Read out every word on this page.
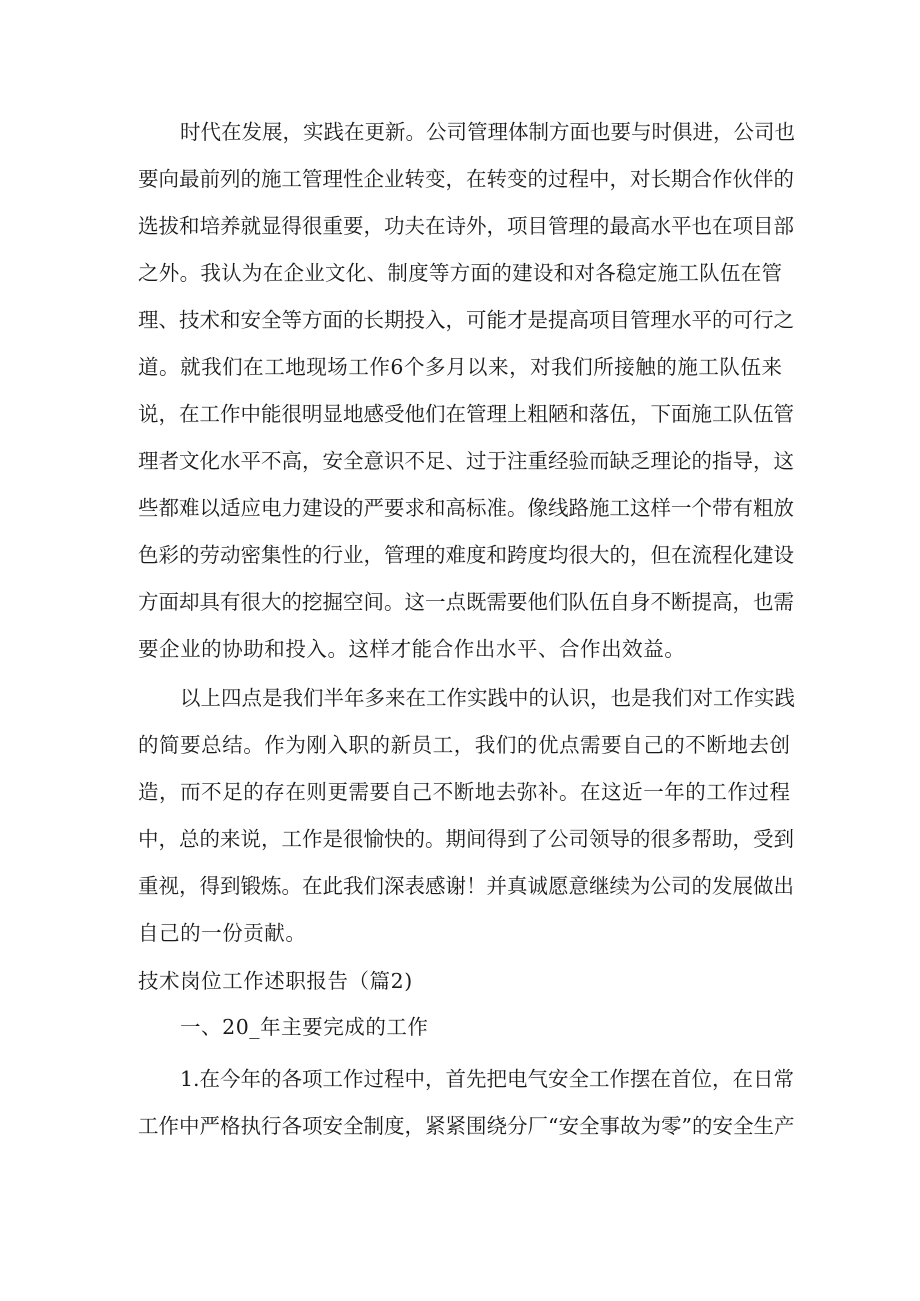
时代在发展，实践在更新。公司管理体制方面也要与时俱进，公司也
要向最前列的施工管理性企业转变，在转变的过程中，对长期合作伙伴的
选拔和培养就显得很重要，功夫在诗外，项目管理的最高水平也在项目部
之外。我认为在企业文化、制度等方面的建设和对各稳定施工队伍在管
理、技术和安全等方面的长期投入，可能才是提高项目管理水平的可行之
道。就我们在工地现场工作6个多月以来，对我们所接触的施工队伍来
说，在工作中能很明显地感受他们在管理上粗陋和落伍，下面施工队伍管
理者文化水平不高，安全意识不足、过于注重经验而缺乏理论的指导，这
些都难以适应电力建设的严要求和高标准。像线路施工这样一个带有粗放
色彩的劳动密集性的行业，管理的难度和跨度均很大的，但在流程化建设
方面却具有很大的挖掘空间。这一点既需要他们队伍自身不断提高，也需
要企业的协助和投入。这样才能合作出水平、合作出效益。
以上四点是我们半年多来在工作实践中的认识，也是我们对工作实践
的简要总结。作为刚入职的新员工，我们的优点需要自己的不断地去创
造，而不足的存在则更需要自己不断地去弥补。在这近一年的工作过程
中，总的来说，工作是很愉快的。期间得到了公司领导的很多帮助，受到
重视，得到锻炼。在此我们深表感谢！并真诚愿意继续为公司的发展做出
自己的一份贡献。
技术岗位工作述职报告（篇2)
一、20_年主要完成的工作
1.在今年的各项工作过程中，首先把电气安全工作摆在首位，在日常
工作中严格执行各项安全制度，紧紧围绕分厂“安全事故为零”的安全生产
